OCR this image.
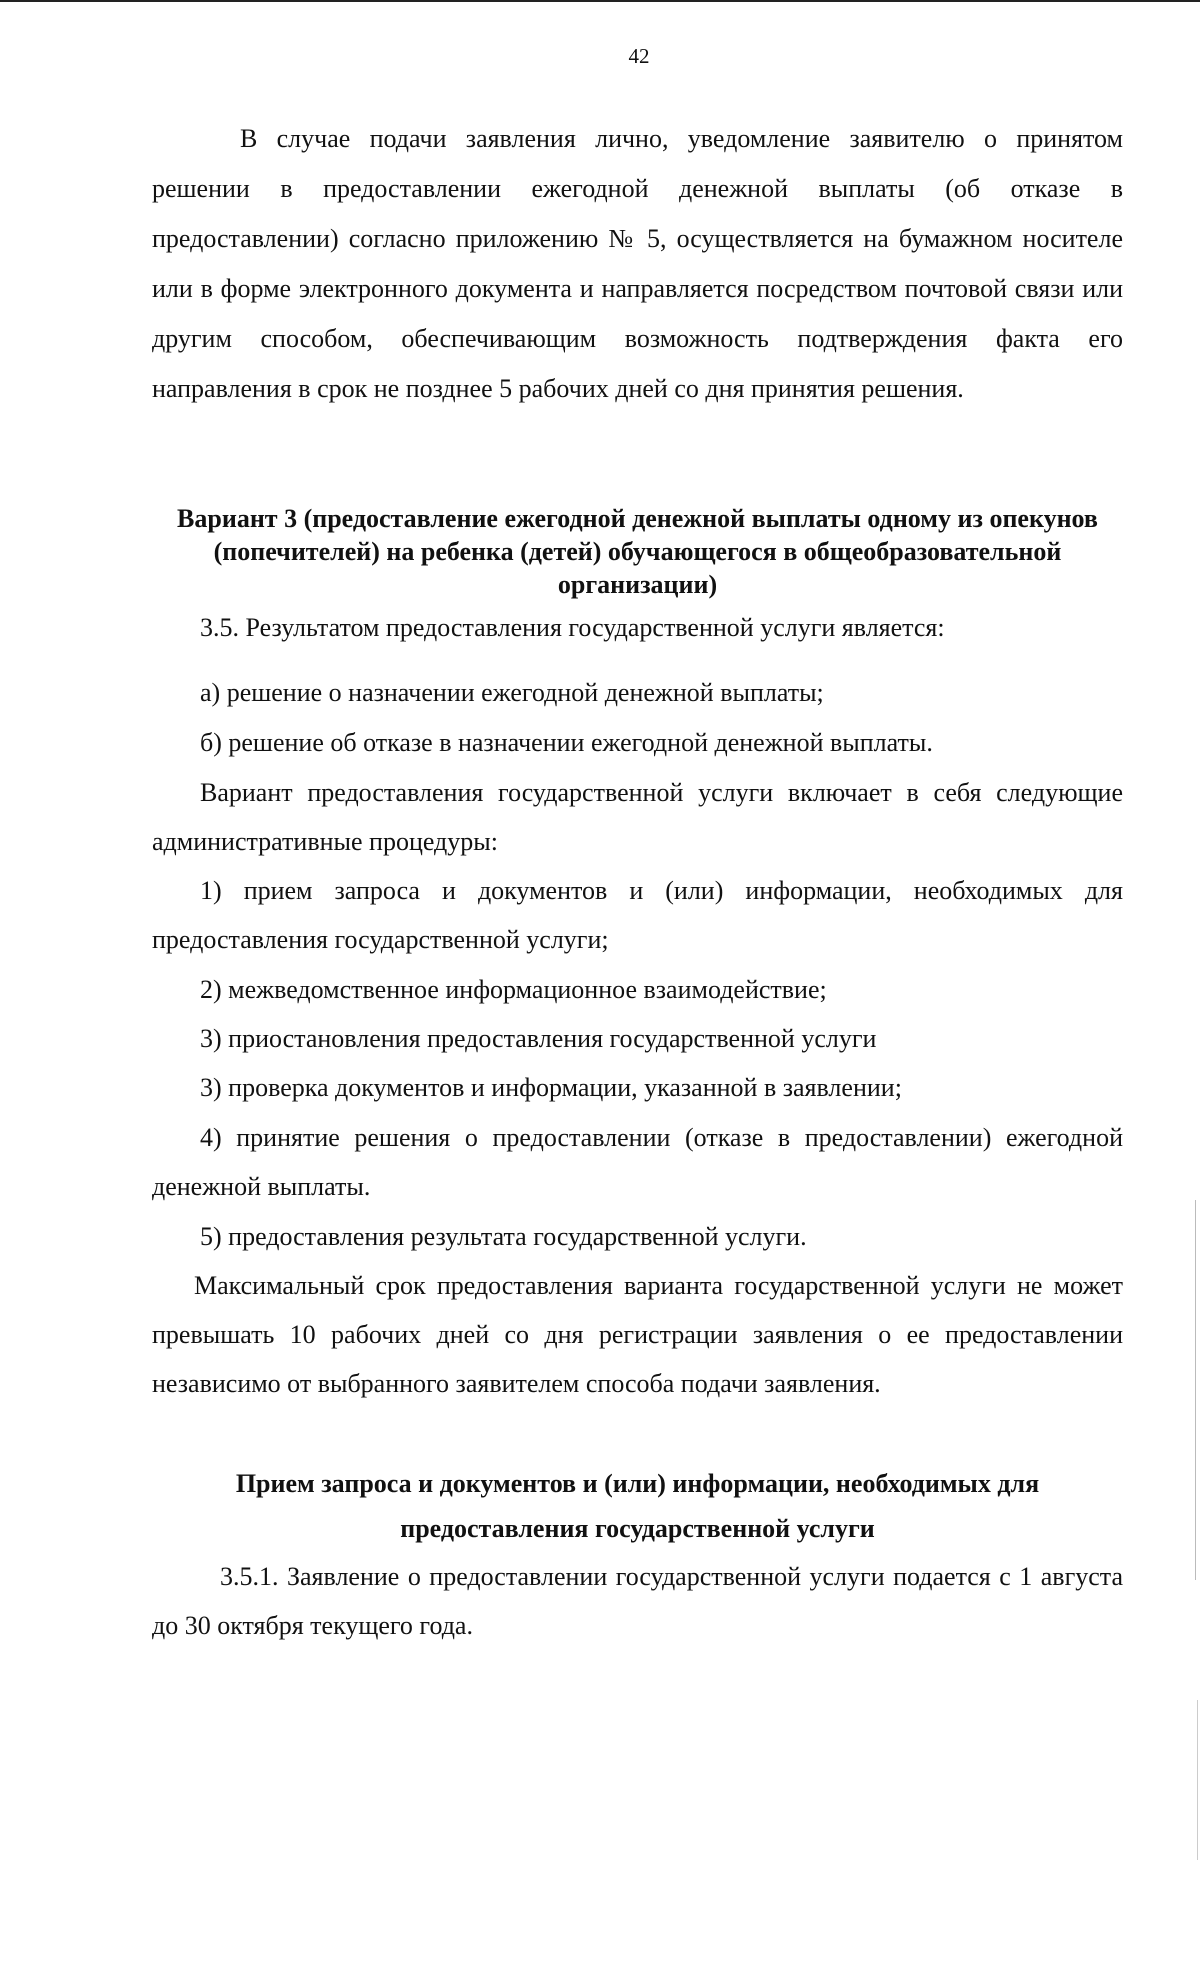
42
В случае подачи заявления лично, уведомление заявителю о принятом решении в предоставлении ежегодной денежной выплаты (об отказе в предоставлении) согласно приложению № 5, осуществляется на бумажном носителе или в форме электронного документа и направляется посредством почтовой связи или другим способом, обеспечивающим возможность подтверждения факта его направления в срок не позднее 5 рабочих дней со дня принятия решения.
Вариант 3 (предоставление ежегодной денежной выплаты одному из опекунов (попечителей) на ребенка (детей) обучающегося в общеобразовательной организации)
3.5. Результатом предоставления государственной услуги является:
а) решение о назначении ежегодной денежной выплаты;
б) решение об отказе в назначении ежегодной денежной выплаты.
Вариант предоставления государственной услуги включает в себя следующие административные процедуры:
1) прием запроса и документов и (или) информации, необходимых для предоставления государственной услуги;
2) межведомственное информационное взаимодействие;
3) приостановления предоставления государственной услуги
3) проверка документов и информации, указанной в заявлении;
4) принятие решения о предоставлении (отказе в предоставлении) ежегодной денежной выплаты.
5) предоставления результата государственной услуги.
Максимальный срок предоставления варианта государственной услуги не может превышать 10 рабочих дней со дня регистрации заявления о ее предоставлении независимо от выбранного заявителем способа подачи заявления.
Прием запроса и документов и (или) информации, необходимых для предоставления государственной услуги
3.5.1. Заявление о предоставлении государственной услуги подается с 1 августа до 30 октября текущего года.
